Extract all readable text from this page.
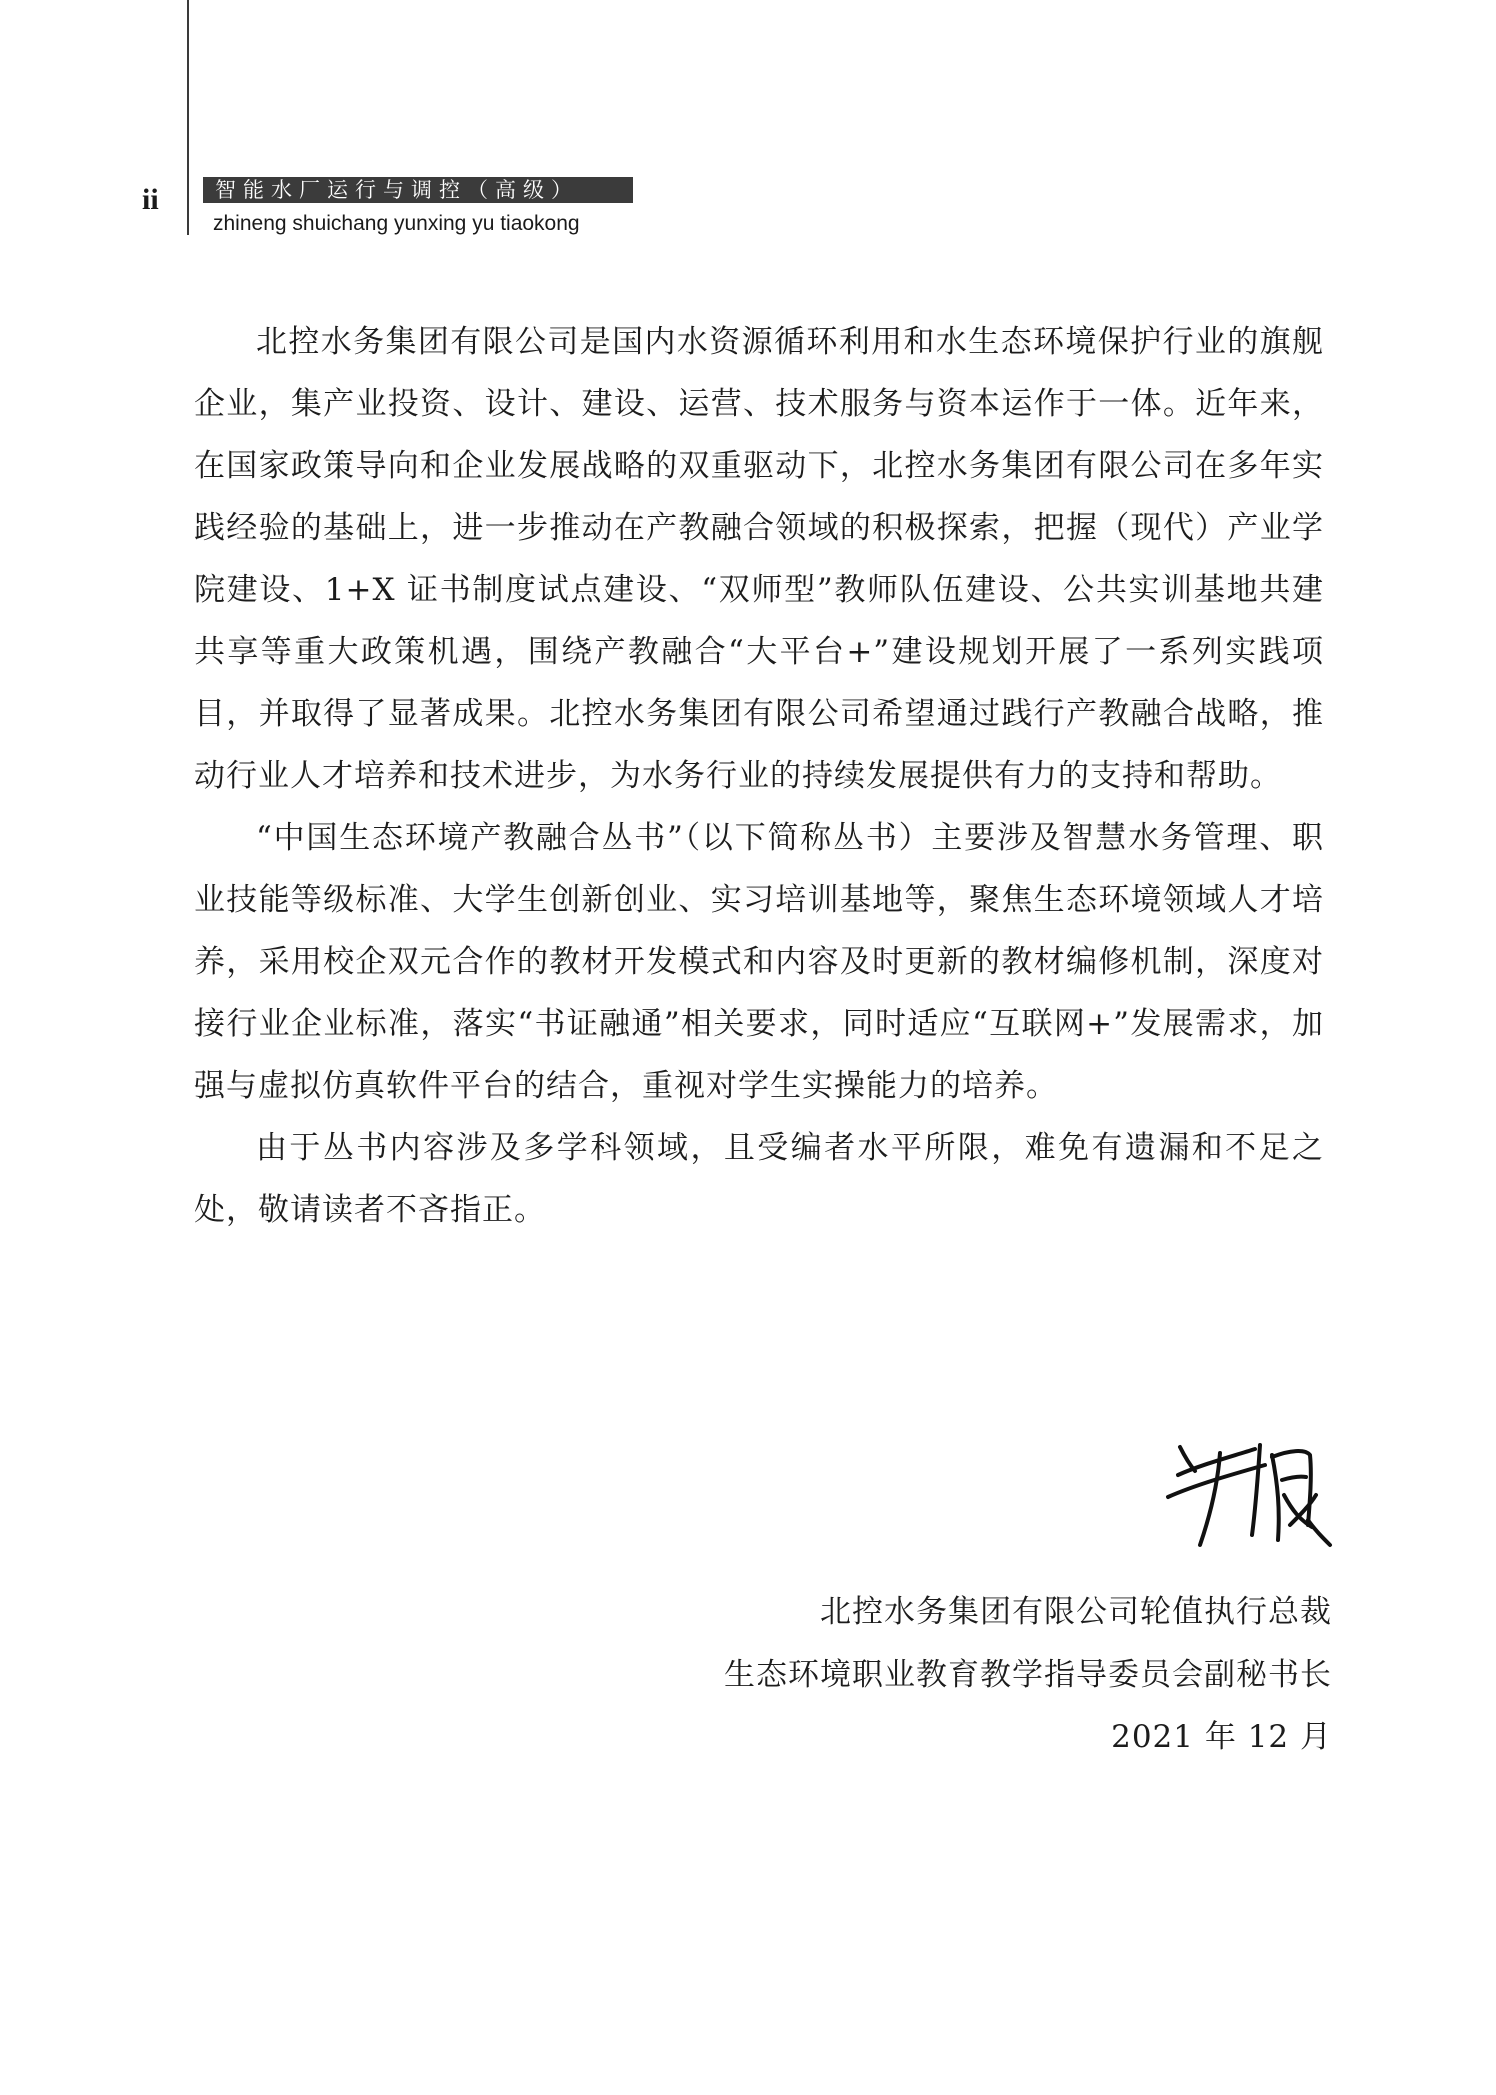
ii	智能水厂运行与调控（高级）
zhineng shuichang yunxing yu tiaokong

北控水务集团有限公司是国内水资源循环利用和水生态环境保护行业的旗舰企业，集产业投资、设计、建设、运营、技术服务与资本运作于一体。近年来，在国家政策导向和企业发展战略的双重驱动下，北控水务集团有限公司在多年实践经验的基础上，进一步推动在产教融合领域的积极探索，把握（现代）产业学院建设、1+X 证书制度试点建设、“双师型”教师队伍建设、公共实训基地共建共享等重大政策机遇，围绕产教融合“大平台+”建设规划开展了一系列实践项目，并取得了显著成果。北控水务集团有限公司希望通过践行产教融合战略，推动行业人才培养和技术进步，为水务行业的持续发展提供有力的支持和帮助。

“中国生态环境产教融合丛书”（以下简称丛书）主要涉及智慧水务管理、职业技能等级标准、大学生创新创业、实习培训基地等，聚焦生态环境领域人才培养，采用校企双元合作的教材开发模式和内容及时更新的教材编修机制，深度对接行业企业标准，落实“书证融通”相关要求，同时适应“互联网+”发展需求，加强与虚拟仿真软件平台的结合，重视对学生实操能力的培养。

由于丛书内容涉及多学科领域，且受编者水平所限，难免有遗漏和不足之处，敬请读者不吝指正。

北控水务集团有限公司轮值执行总裁
生态环境职业教育教学指导委员会副秘书长
2021 年 12 月
